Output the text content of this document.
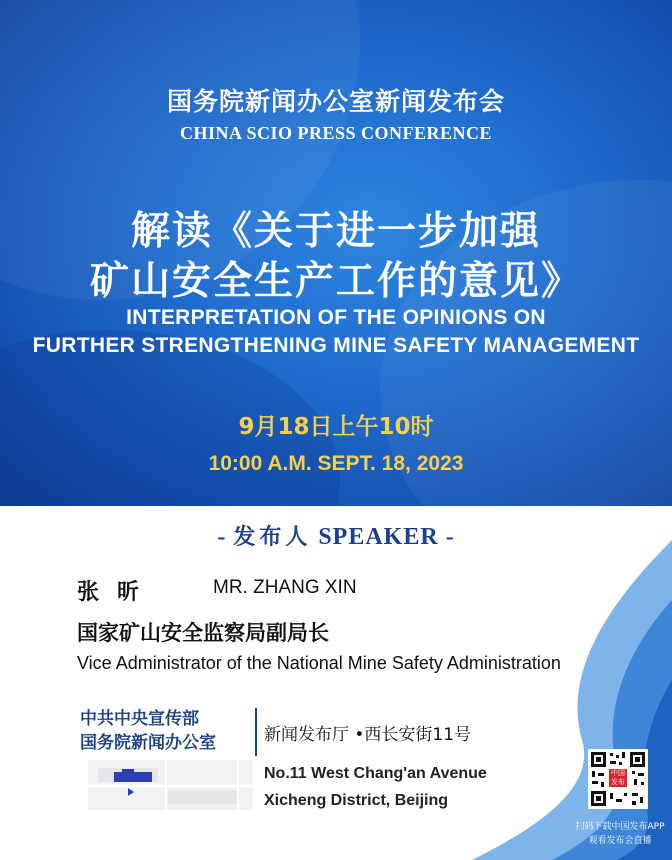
国务院新闻办公室新闻发布会
CHINA SCIO PRESS CONFERENCE
解读《关于进一步加强
矿山安全生产工作的意见》
INTERPRETATION OF THE OPINIONS ON
FURTHER STRENGTHENING MINE SAFETY MANAGEMENT
9月18日上午10时
10:00 A.M. SEPT. 18, 2023
- 发布人 SPEAKER -
张昕	MR. ZHANG XIN
国家矿山安全监察局副局长
Vice Administrator of the National Mine Safety Administration
中共中央宣传部
国务院新闻办公室	新闻发布厅 •西长安街11号
No.11 West Chang'an Avenue
Xicheng District, Beijing
中国发布
扫码下载中国发布APP
观看发布会直播
